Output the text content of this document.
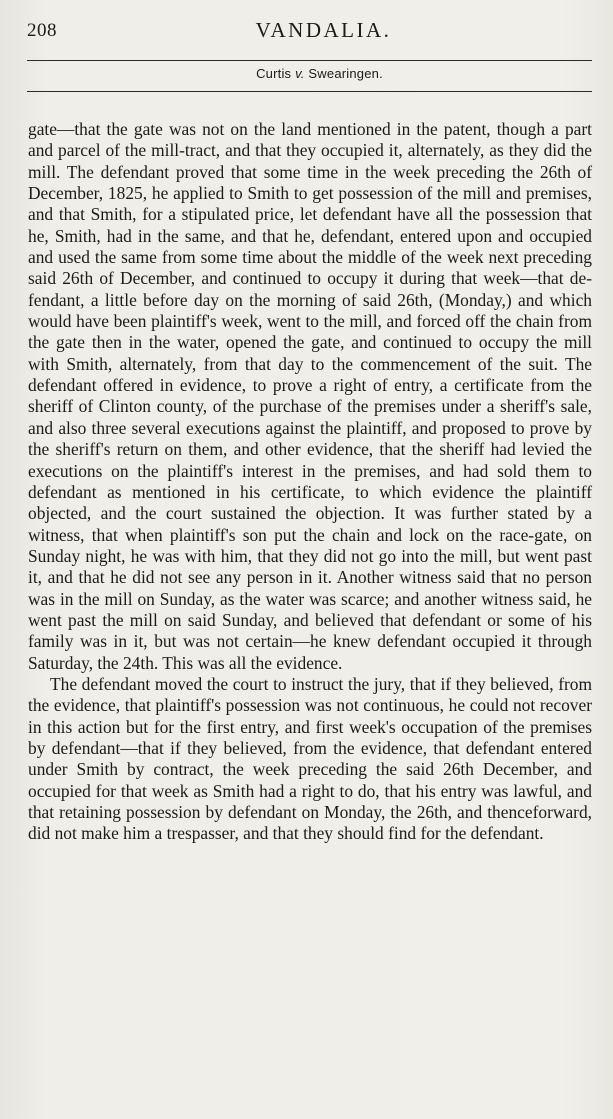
208	VANDALIA.
Curtis v. Swearingen.

gate—that the gate was not on the land mentioned in the patent, though a part and parcel of the mill-tract, and that they occupied it, alternately, as they did the mill. The defendant proved that some time in the week preceding the 26th of December, 1825, he applied to Smith to get possession of the mill and premises, and that Smith, for a stipulated price, let defendant have all the possession that he, Smith, had in the same, and that he, defendant, entered upon and occupied and used the same from some time about the middle of the week next preceding said 26th of December, and continued to occupy it during that week—that defendant, a little before day on the morning of said 26th, (Monday,) and which would have been plaintiff's week, went to the mill, and forced off the chain from the gate then in the water, opened the gate, and continued to occupy the mill with Smith, alternately, from that day to the commencement of the suit. The defendant offered in evidence, to prove a right of entry, a certificate from the sheriff of Clinton county, of the purchase of the premises under a sheriff's sale, and also three several executions against the plaintiff, and proposed to prove by the sheriff's return on them, and other evidence, that the sheriff had levied the executions on the plaintiff's interest in the premises, and had sold them to defendant as mentioned in his certificate, to which evidence the plaintiff objected, and the court sustained the objection. It was further stated by a witness, that when plaintiff's son put the chain and lock on the race-gate, on Sunday night, he was with him, that they did not go into the mill, but went past it, and that he did not see any person in it. Another witness said that no person was in the mill on Sunday, as the water was scarce; and another witness said, he went past the mill on said Sunday, and believed that defendant or some of his family was in it, but was not certain—he knew defendant occupied it through Saturday, the 24th. This was all the evidence.

The defendant moved the court to instruct the jury, that if they believed, from the evidence, that plaintiff's possession was not continuous, he could not recover in this action but for the first entry, and first week's occupation of the premises by defendant—that if they believed, from the evidence, that defendant entered under Smith by contract, the week preceding the said 26th December, and occupied for that week as Smith had a right to do, that his entry was lawful, and that retaining possession by defendant on Monday, the 26th, and thenceforward, did not make him a trespasser, and that they should find for the defendant.
